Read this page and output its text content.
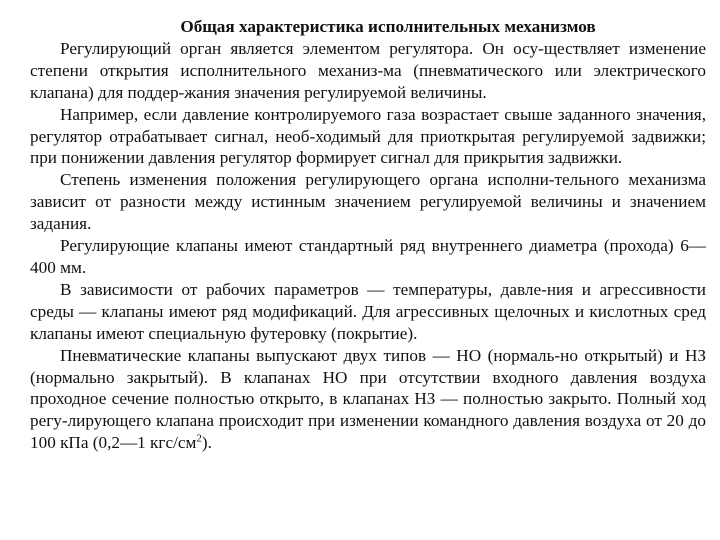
Общая характеристика исполнительных механизмов

Регулирующий орган является элементом регулятора. Он осу-ществляет изменение степени открытия исполнительного механиз-ма (пневматического или электрического клапана) для поддер-жания значения регулируемой величины.

Например, если давление контролируемого газа возрастает свыше заданного значения, регулятор отрабатывает сигнал, необ-ходимый для приоткрытая регулируемой задвижки; при понижении давления регулятор формирует сигнал для прикрытия задвижки.

Степень изменения положения регулирующего органа исполни-тельного механизма зависит от разности между истинным значением регулируемой величины и значением задания.

Регулирующие клапаны имеют стандартный ряд внутреннего диаметра (прохода) 6—400 мм.

В зависимости от рабочих параметров — температуры, давле-ния и агрессивности среды — клапаны имеют ряд модификаций. Для агрессивных щелочных и кислотных сред клапаны имеют специальную футеровку (покрытие).

Пневматические клапаны выпускают двух типов — НО (нормаль-но открытый) и НЗ (нормально закрытый). В клапанах НО при отсутствии входного давления воздуха проходное сечение полностью открыто, в клапанах НЗ — полностью закрыто. Полный ход регу-лирующего клапана происходит при изменении командного давления воздуха от 20 до 100 кПа (0,2—1 кгс/$см^2$).
